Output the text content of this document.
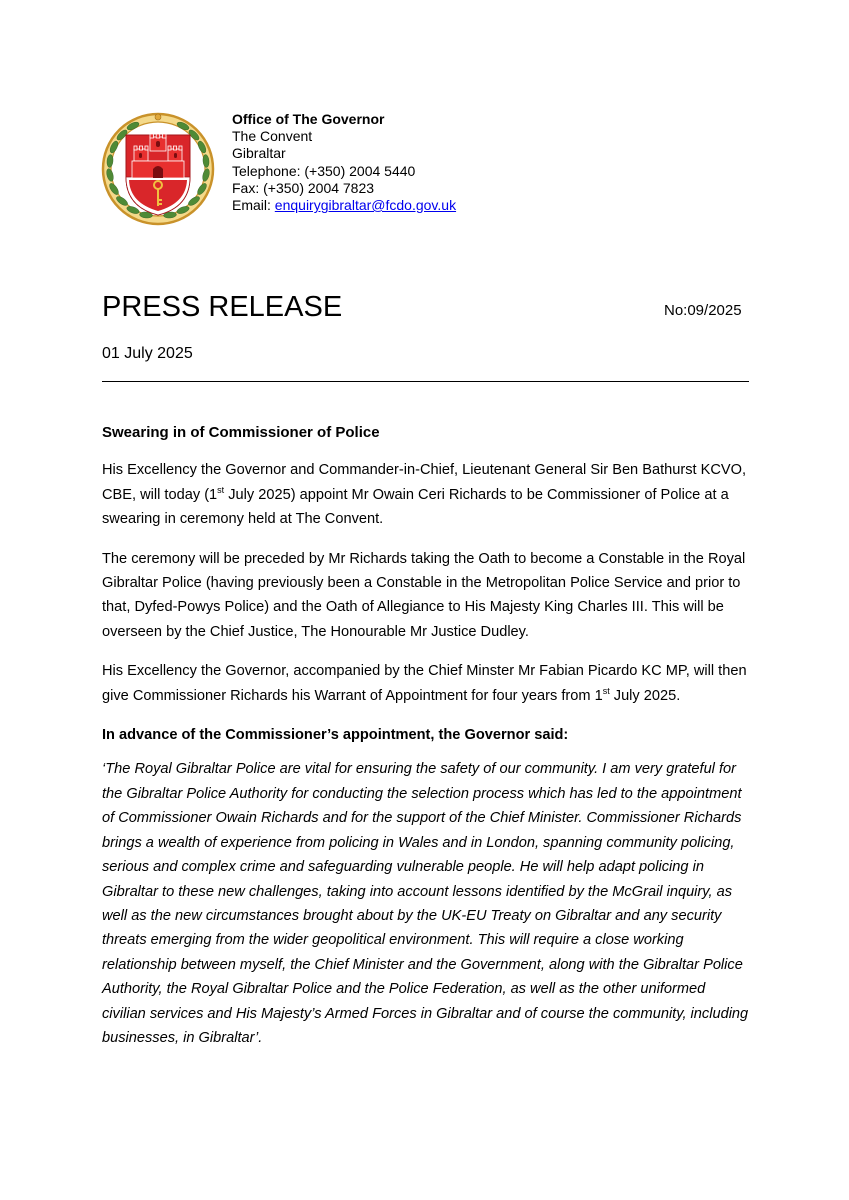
Office of The Governor
The Convent
Gibraltar
Telephone: (+350) 2004 5440
Fax: (+350) 2004 7823
Email: enquirygibraltar@fcdo.gov.uk
PRESS RELEASE	No:09/2025
01 July 2025

Swearing in of Commissioner of Police

His Excellency the Governor and Commander-in-Chief, Lieutenant General Sir Ben Bathurst KCVO, CBE, will today (1st July 2025) appoint Mr Owain Ceri Richards to be Commissioner of Police at a swearing in ceremony held at The Convent.

The ceremony will be preceded by Mr Richards taking the Oath to become a Constable in the Royal Gibraltar Police (having previously been a Constable in the Metropolitan Police Service and prior to that, Dyfed-Powys Police) and the Oath of Allegiance to His Majesty King Charles III. This will be overseen by the Chief Justice, The Honourable Mr Justice Dudley.

His Excellency the Governor, accompanied by the Chief Minster Mr Fabian Picardo KC MP, will then give Commissioner Richards his Warrant of Appointment for four years from 1st July 2025.

In advance of the Commissioner’s appointment, the Governor said:

‘The Royal Gibraltar Police are vital for ensuring the safety of our community. I am very grateful for the Gibraltar Police Authority for conducting the selection process which has led to the appointment of Commissioner Owain Richards and for the support of the Chief Minister. Commissioner Richards brings a wealth of experience from policing in Wales and in London, spanning community policing, serious and complex crime and safeguarding vulnerable people. He will help adapt policing in Gibraltar to these new challenges, taking into account lessons identified by the McGrail inquiry, as well as the new circumstances brought about by the UK-EU Treaty on Gibraltar and any security threats emerging from the wider geopolitical environment. This will require a close working relationship between myself, the Chief Minister and the Government, along with the Gibraltar Police Authority, the Royal Gibraltar Police and the Police Federation, as well as the other uniformed civilian services and His Majesty’s Armed Forces in Gibraltar and of course the community, including businesses, in Gibraltar’.
